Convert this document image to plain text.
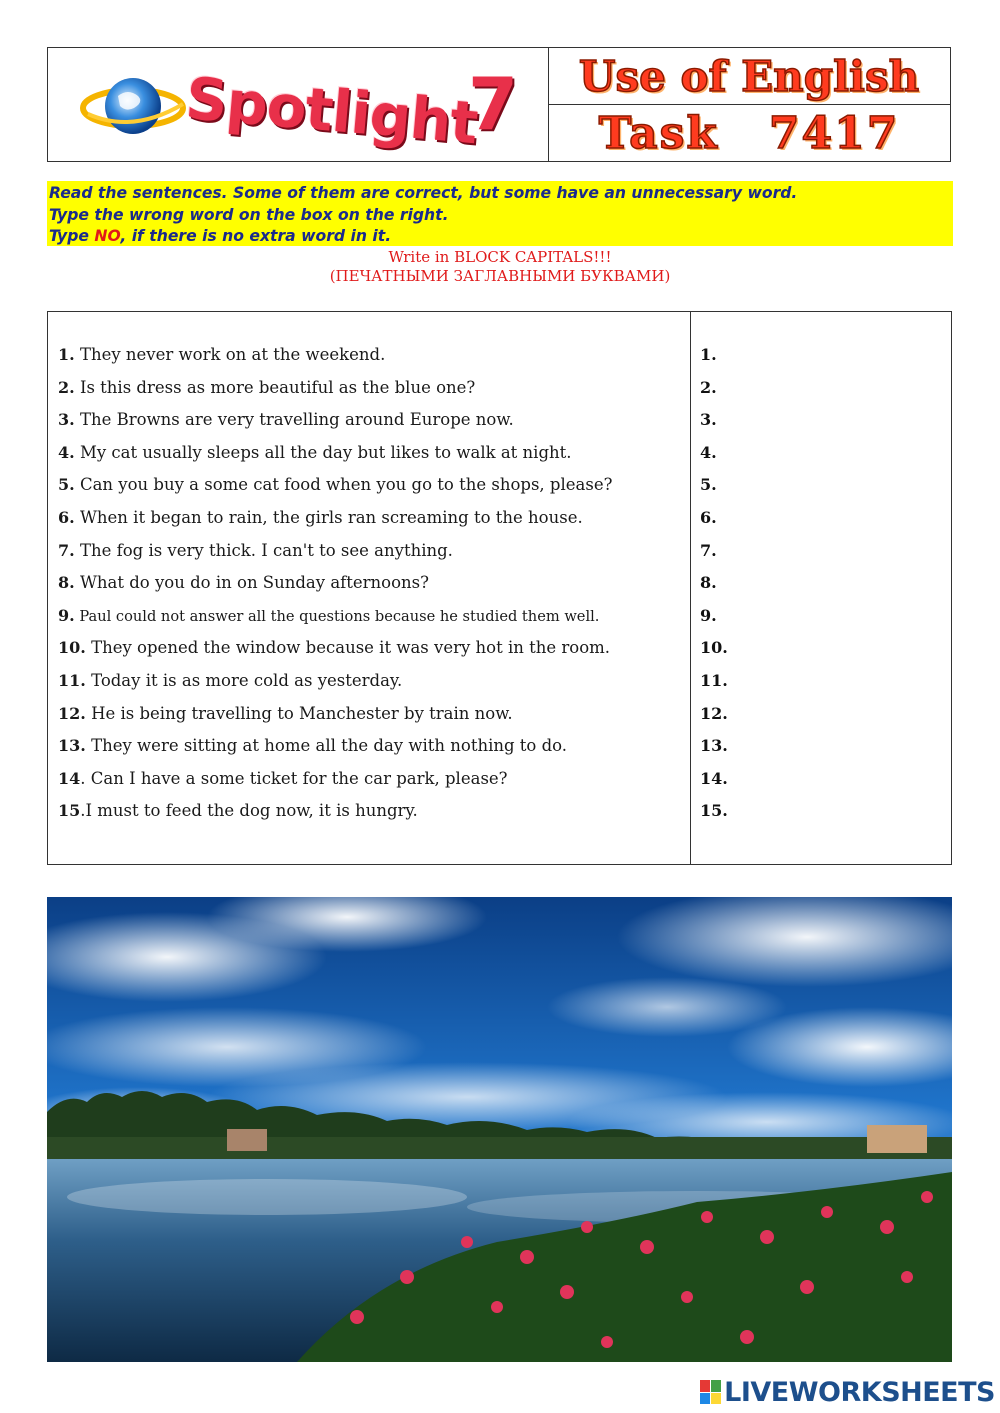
Spotlight
7	Use of English
Task 7417
Read the sentences. Some of them are correct, but some have an unnecessary word.
Type the wrong word on the box on the right.
Type NO, if there is no extra word in it.
Write in BLOCK CAPITALS!!!
(ПЕЧАТНЫМИ ЗАГЛАВНЫМИ БУКВАМИ)
1. They never work on at the weekend.
2. Is this dress as more beautiful as the blue one?
3. The Browns are very travelling around Europe now.
4. My cat usually sleeps all the day but likes to walk at night.
5. Can you buy a some cat food when you go to the shops, please?
6. When it began to rain, the girls ran screaming to the house.
7. The fog is very thick. I can't to see anything.
8. What do you do in on Sunday afternoons?
9. Paul could not answer all the questions because he studied them well.
10. They opened the window because it was very hot in the room.
11. Today it is as more cold as yesterday.
12. He is being travelling to Manchester by train now.
13. They were sitting at home all the day with nothing to do.
14. Can I have a some ticket for the car park, please?
15.I must to feed the dog now, it is hungry.
1.
2.
3.
4.
5.
6.
7.
8.
9.
10.
11.
12.
13.
14.
15.
LIVEWORKSHEETS
